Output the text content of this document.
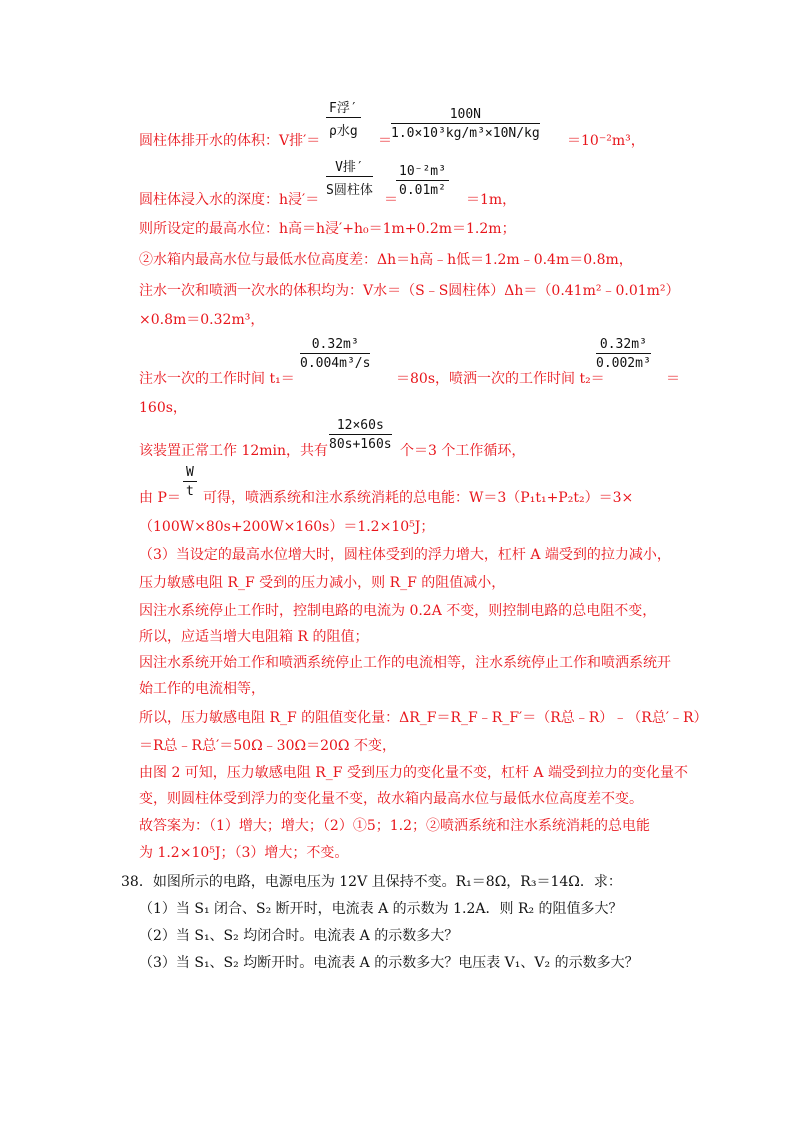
圆柱体排开水的体积：V排′＝
F浮′
ρ水g
＝ $\frac{100N}{\text{1.0×10³kg/m³×10N/kg}} =10^{-2}m^3$，
圆柱体浸入水的深度：h浸′＝
V排′
S圆柱体
＝
$\frac{\text{10⁻²m³}}{\text{0.01m²}}$
＝1m，
则所设定的最高水位：h高＝h浸′+h₀＝1m+0.2m＝1.2m；
②水箱内最高水位与最低水位高度差：Δh＝h高﹣h低＝1.2m﹣0.4m＝0.8m，
注水一次和喷洒一次水的体积均为：V水＝（S﹣S圆柱体）Δh＝（0.41m²﹣0.01m²）
×0.8m＝0.32m³，
注水一次的工作时间 t₁＝
$\frac{\text{0.32m³}}{\text{0.004m³/s}}$
＝80s，喷洒一次的工作时间 t₂＝
$\frac{\text{0.32m³}}{\text{0.002m³}}$
＝
160s，
该装置正常工作 12min，共有 $\frac{12\times 60s}{80s+160s}$ 个＝3 个工作循环，
由 $P= \frac{W}{t}$ 可得，喷洒系统和注水系统消耗的总电能：W＝3（P₁t₁+P₂t₂）＝3×
（100W×80s+200W×160s）＝1.2×10⁵J；
（3）当设定的最高水位增大时，圆柱体受到的浮力增大，杠杆 A 端受到的拉力减小，
压力敏感电阻 R_F 受到的压力减小，则 R_F 的阻值减小，
因注水系统停止工作时，控制电路的电流为 0.2A 不变，则控制电路的总电阻不变，
所以，应适当增大电阻箱 R 的阻值；
因注水系统开始工作和喷洒系统停止工作的电流相等，注水系统停止工作和喷洒系统开
始工作的电流相等，
所以，压力敏感电阻 R_F 的阻值变化量：ΔR_F＝R_F﹣R_F′＝（R总﹣R）﹣（R总′﹣R）
＝R总﹣R总′＝50Ω﹣30Ω＝20Ω 不变，
由图 2 可知，压力敏感电阻 R_F 受到压力的变化量不变，杠杆 A 端受到拉力的变化量不
变，则圆柱体受到浮力的变化量不变，故水箱内最高水位与最低水位高度差不变。
故答案为：（1）增大；增大；（2）①5；1.2；②喷洒系统和注水系统消耗的总电能
为 1.2×10⁵J；（3）增大；不变。
38．如图所示的电路，电源电压为 12V 且保持不变。R₁＝8Ω，R₃＝14Ω．求：
（1）当 S₁ 闭合、S₂ 断开时，电流表 A 的示数为 1.2A．则 R₂ 的阻值多大？
（2）当 S₁、S₂ 均闭合时。电流表 A 的示数多大？
（3）当 S₁、S₂ 均断开时。电流表 A 的示数多大？电压表 V₁、V₂ 的示数多大？
